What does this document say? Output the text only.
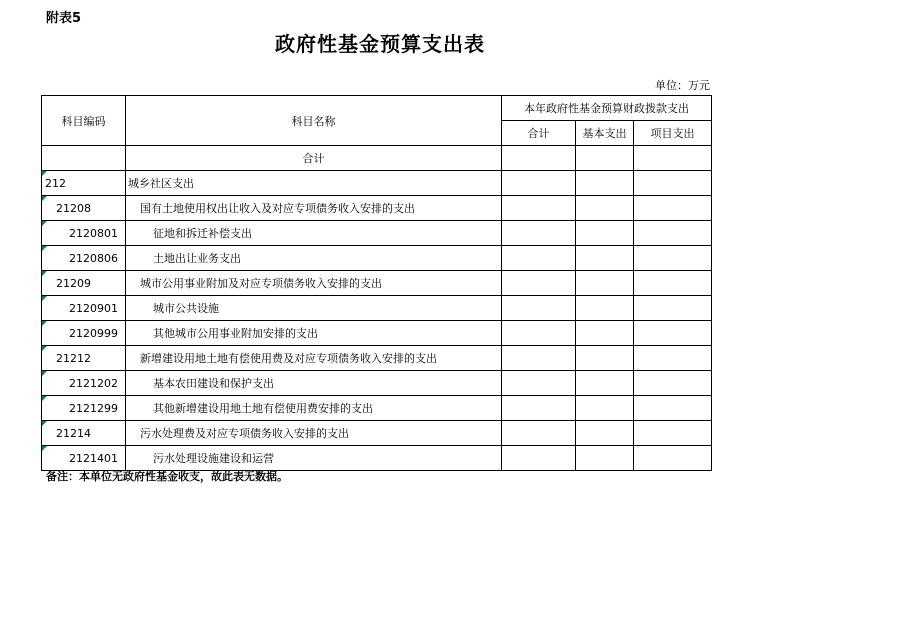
附表5
政府性基金预算支出表
单位：万元
科目编码	科目名称	本年政府性基金预算财政拨款支出		
		合计	基本支出	项目支出
	合计			

212	城乡社区支出			

21208	国有土地使用权出让收入及对应专项债务收入安排的支出			

2120801	征地和拆迁补偿支出			

2120806	土地出让业务支出			

21209	城市公用事业附加及对应专项债务收入安排的支出			

2120901	城市公共设施			

2120999	其他城市公用事业附加安排的支出			

21212	新增建设用地土地有偿使用费及对应专项债务收入安排的支出			

2121202	基本农田建设和保护支出			

2121299	其他新增建设用地土地有偿使用费安排的支出			

21214	污水处理费及对应专项债务收入安排的支出			

2121401	污水处理设施建设和运营			
备注：本单位无政府性基金收支，故此表无数据。
